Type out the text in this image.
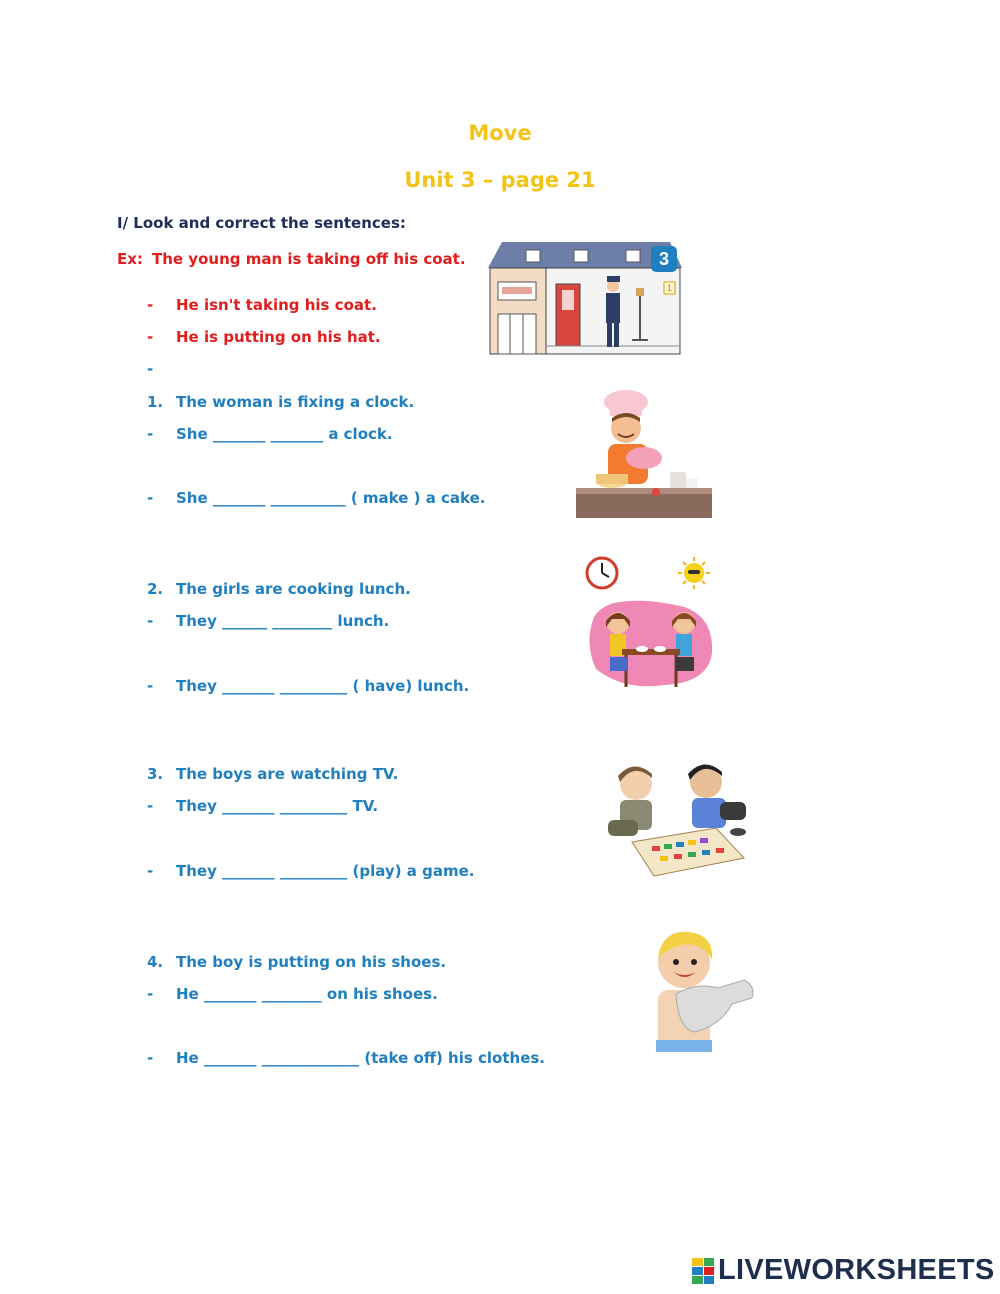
Move
Unit 3 – page 21
I/ Look and correct the sentences:
Ex: The young man is taking off his coat.
- He isn't taking his coat.
- He is putting on his hat.
-
1. The woman is fixing a clock.
- She _______ _______ a clock.
- She _______ __________ ( make ) a cake.
2. The girls are cooking lunch.
- They ______ ________ lunch.
- They _______ _________ ( have) lunch.
3. The boys are watching TV.
- They _______ _________ TV.
- They _______ _________ (play) a game.
4. The boy is putting on his shoes.
- He _______ ________ on his shoes.
- He _______ _____________ (take off) his clothes.
1
3
LIVEWORKSHEETS
